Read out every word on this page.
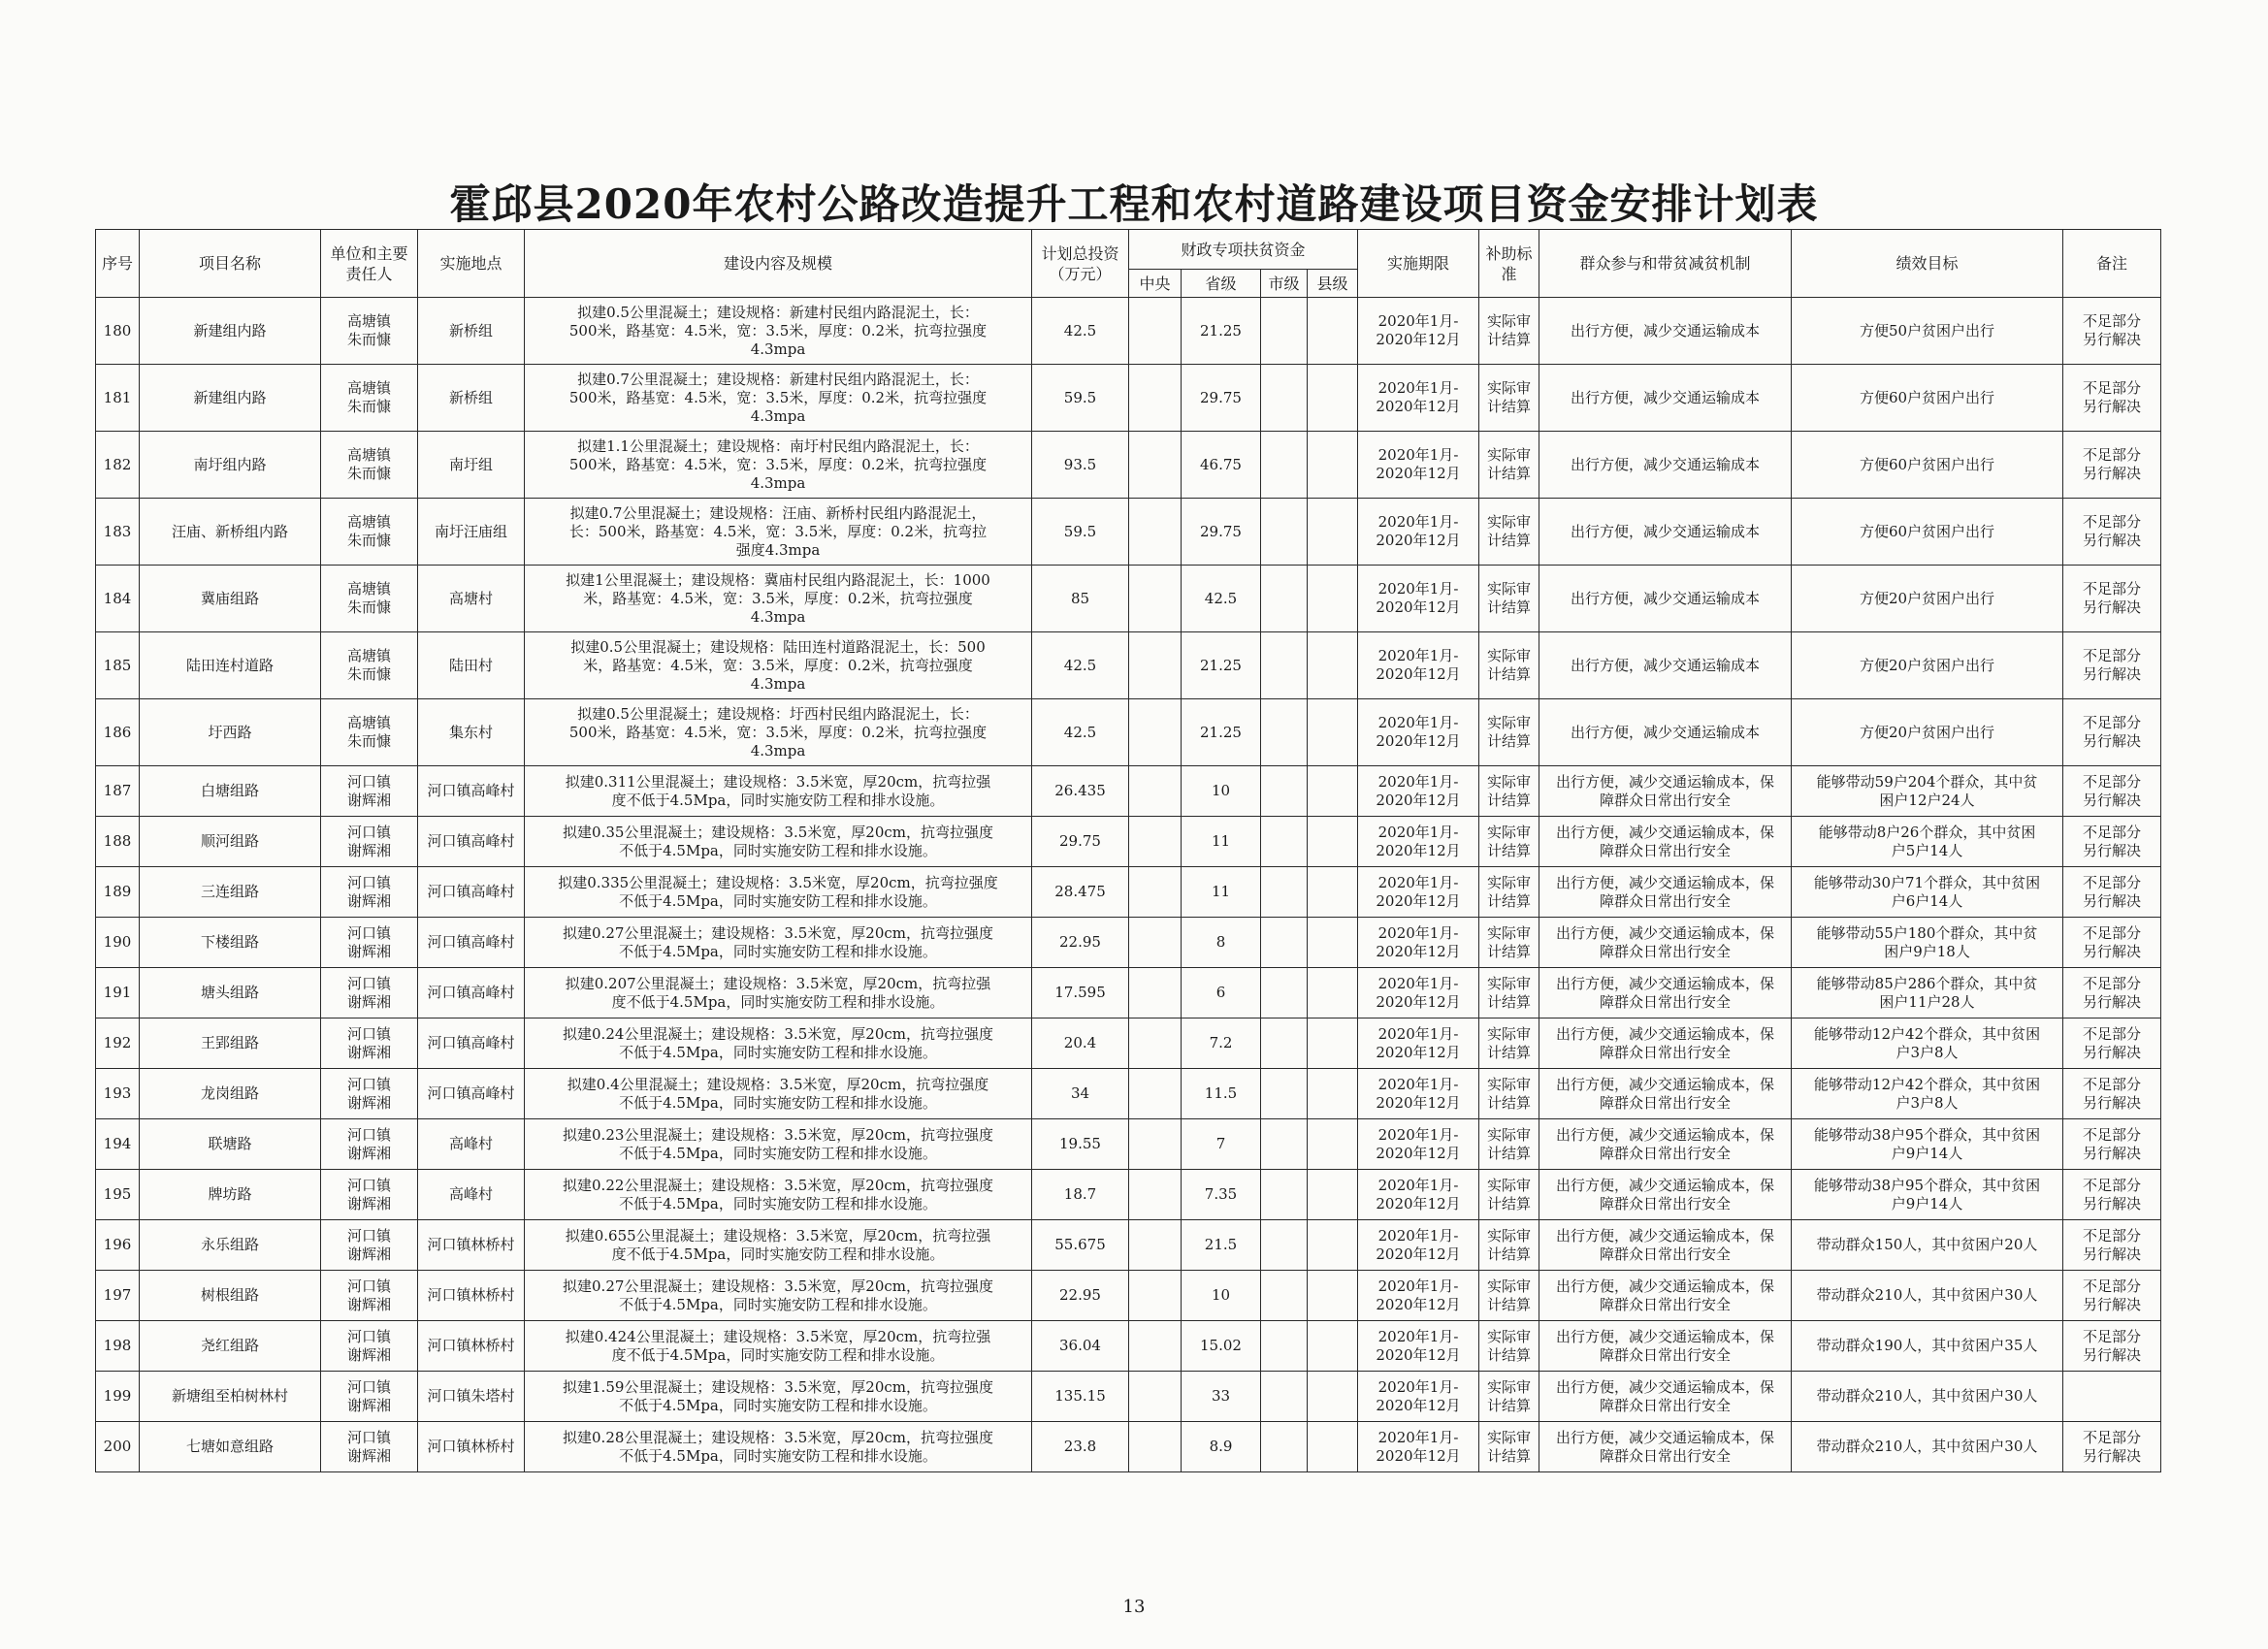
霍邱县2020年农村公路改造提升工程和农村道路建设项目资金安排计划表
序号	项目名称	单位和主要责任人	实施地点	建设内容及规模	计划总投资（万元）	财政专项扶贫资金				实施期限	补助标准	群众参与和带贫减贫机制	绩效目标	备注
						中央	省级	市级	县级					
180	新建组内路	高塘镇
朱而慷	新桥组	拟建0.5公里混凝土；建设规格：新建村民组内路混泥土，长：
500米，路基宽：4.5米，宽：3.5米，厚度：0.2米，抗弯拉强度
4.3mpa	42.5		21.25			2020年1月-
2020年12月	实际审
计结算	出行方便，减少交通运输成本	方便50户贫困户出行	不足部分
另行解决

181	新建组内路	高塘镇
朱而慷	新桥组	拟建0.7公里混凝土；建设规格：新建村民组内路混泥土，长：
500米，路基宽：4.5米，宽：3.5米，厚度：0.2米，抗弯拉强度
4.3mpa	59.5		29.75			2020年1月-
2020年12月	实际审
计结算	出行方便，减少交通运输成本	方便60户贫困户出行	不足部分
另行解决

182	南圩组内路	高塘镇
朱而慷	南圩组	拟建1.1公里混凝土；建设规格：南圩村民组内路混泥土，长：
500米，路基宽：4.5米，宽：3.5米，厚度：0.2米，抗弯拉强度
4.3mpa	93.5		46.75			2020年1月-
2020年12月	实际审
计结算	出行方便，减少交通运输成本	方便60户贫困户出行	不足部分
另行解决

183	汪庙、新桥组内路	高塘镇
朱而慷	南圩汪庙组	拟建0.7公里混凝土；建设规格：汪庙、新桥村民组内路混泥土，
长：500米，路基宽：4.5米，宽：3.5米，厚度：0.2米，抗弯拉
强度4.3mpa	59.5		29.75			2020年1月-
2020年12月	实际审
计结算	出行方便，减少交通运输成本	方便60户贫困户出行	不足部分
另行解决

184	冀庙组路	高塘镇
朱而慷	高塘村	拟建1公里混凝土；建设规格：冀庙村民组内路混泥土，长：1000
米，路基宽：4.5米，宽：3.5米，厚度：0.2米，抗弯拉强度
4.3mpa	85		42.5			2020年1月-
2020年12月	实际审
计结算	出行方便，减少交通运输成本	方便20户贫困户出行	不足部分
另行解决

185	陆田连村道路	高塘镇
朱而慷	陆田村	拟建0.5公里混凝土；建设规格：陆田连村道路混泥土，长：500
米，路基宽：4.5米，宽：3.5米，厚度：0.2米，抗弯拉强度
4.3mpa	42.5		21.25			2020年1月-
2020年12月	实际审
计结算	出行方便，减少交通运输成本	方便20户贫困户出行	不足部分
另行解决

186	圩西路	高塘镇
朱而慷	集东村	拟建0.5公里混凝土；建设规格：圩西村民组内路混泥土，长：
500米，路基宽：4.5米，宽：3.5米，厚度：0.2米，抗弯拉强度
4.3mpa	42.5		21.25			2020年1月-
2020年12月	实际审
计结算	出行方便，减少交通运输成本	方便20户贫困户出行	不足部分
另行解决

187	白塘组路	河口镇
谢辉湘	河口镇高峰村	拟建0.311公里混凝土；建设规格：3.5米宽，厚20cm，抗弯拉强
度不低于4.5Mpa，同时实施安防工程和排水设施。	26.435		10			2020年1月-
2020年12月	实际审
计结算	出行方便，减少交通运输成本，保
障群众日常出行安全	能够带动59户204个群众，其中贫
困户12户24人	不足部分
另行解决

188	顺河组路	河口镇
谢辉湘	河口镇高峰村	拟建0.35公里混凝土；建设规格：3.5米宽，厚20cm，抗弯拉强度
不低于4.5Mpa，同时实施安防工程和排水设施。	29.75		11			2020年1月-
2020年12月	实际审
计结算	出行方便，减少交通运输成本，保
障群众日常出行安全	能够带动8户26个群众，其中贫困
户5户14人	不足部分
另行解决

189	三连组路	河口镇
谢辉湘	河口镇高峰村	拟建0.335公里混凝土；建设规格：3.5米宽，厚20cm，抗弯拉强度
不低于4.5Mpa，同时实施安防工程和排水设施。	28.475		11			2020年1月-
2020年12月	实际审
计结算	出行方便，减少交通运输成本，保
障群众日常出行安全	能够带动30户71个群众，其中贫困
户6户14人	不足部分
另行解决

190	下楼组路	河口镇
谢辉湘	河口镇高峰村	拟建0.27公里混凝土；建设规格：3.5米宽，厚20cm，抗弯拉强度
不低于4.5Mpa，同时实施安防工程和排水设施。	22.95		8			2020年1月-
2020年12月	实际审
计结算	出行方便，减少交通运输成本，保
障群众日常出行安全	能够带动55户180个群众，其中贫
困户9户18人	不足部分
另行解决

191	塘头组路	河口镇
谢辉湘	河口镇高峰村	拟建0.207公里混凝土；建设规格：3.5米宽，厚20cm，抗弯拉强
度不低于4.5Mpa，同时实施安防工程和排水设施。	17.595		6			2020年1月-
2020年12月	实际审
计结算	出行方便，减少交通运输成本，保
障群众日常出行安全	能够带动85户286个群众，其中贫
困户11户28人	不足部分
另行解决

192	王郢组路	河口镇
谢辉湘	河口镇高峰村	拟建0.24公里混凝土；建设规格：3.5米宽，厚20cm，抗弯拉强度
不低于4.5Mpa，同时实施安防工程和排水设施。	20.4		7.2			2020年1月-
2020年12月	实际审
计结算	出行方便，减少交通运输成本，保
障群众日常出行安全	能够带动12户42个群众，其中贫困
户3户8人	不足部分
另行解决

193	龙岗组路	河口镇
谢辉湘	河口镇高峰村	拟建0.4公里混凝土；建设规格：3.5米宽，厚20cm，抗弯拉强度
不低于4.5Mpa，同时实施安防工程和排水设施。	34		11.5			2020年1月-
2020年12月	实际审
计结算	出行方便，减少交通运输成本，保
障群众日常出行安全	能够带动12户42个群众，其中贫困
户3户8人	不足部分
另行解决

194	联塘路	河口镇
谢辉湘	高峰村	拟建0.23公里混凝土；建设规格：3.5米宽，厚20cm，抗弯拉强度
不低于4.5Mpa，同时实施安防工程和排水设施。	19.55		7			2020年1月-
2020年12月	实际审
计结算	出行方便，减少交通运输成本，保
障群众日常出行安全	能够带动38户95个群众，其中贫困
户9户14人	不足部分
另行解决

195	牌坊路	河口镇
谢辉湘	高峰村	拟建0.22公里混凝土；建设规格：3.5米宽，厚20cm，抗弯拉强度
不低于4.5Mpa，同时实施安防工程和排水设施。	18.7		7.35			2020年1月-
2020年12月	实际审
计结算	出行方便，减少交通运输成本，保
障群众日常出行安全	能够带动38户95个群众，其中贫困
户9户14人	不足部分
另行解决

196	永乐组路	河口镇
谢辉湘	河口镇林桥村	拟建0.655公里混凝土；建设规格：3.5米宽，厚20cm，抗弯拉强
度不低于4.5Mpa，同时实施安防工程和排水设施。	55.675		21.5			2020年1月-
2020年12月	实际审
计结算	出行方便，减少交通运输成本，保
障群众日常出行安全	带动群众150人，其中贫困户20人	不足部分
另行解决

197	树根组路	河口镇
谢辉湘	河口镇林桥村	拟建0.27公里混凝土；建设规格：3.5米宽，厚20cm，抗弯拉强度
不低于4.5Mpa，同时实施安防工程和排水设施。	22.95		10			2020年1月-
2020年12月	实际审
计结算	出行方便，减少交通运输成本，保
障群众日常出行安全	带动群众210人，其中贫困户30人	不足部分
另行解决

198	尧红组路	河口镇
谢辉湘	河口镇林桥村	拟建0.424公里混凝土；建设规格：3.5米宽，厚20cm，抗弯拉强
度不低于4.5Mpa，同时实施安防工程和排水设施。	36.04		15.02			2020年1月-
2020年12月	实际审
计结算	出行方便，减少交通运输成本，保
障群众日常出行安全	带动群众190人，其中贫困户35人	不足部分
另行解决

199	新塘组至柏树林村	河口镇
谢辉湘	河口镇朱塔村	拟建1.59公里混凝土；建设规格：3.5米宽，厚20cm，抗弯拉强度
不低于4.5Mpa，同时实施安防工程和排水设施。	135.15		33			2020年1月-
2020年12月	实际审
计结算	出行方便，减少交通运输成本，保
障群众日常出行安全	带动群众210人，其中贫困户30人	

200	七塘如意组路	河口镇
谢辉湘	河口镇林桥村	拟建0.28公里混凝土；建设规格：3.5米宽，厚20cm，抗弯拉强度
不低于4.5Mpa，同时实施安防工程和排水设施。	23.8		8.9			2020年1月-
2020年12月	实际审
计结算	出行方便，减少交通运输成本，保
障群众日常出行安全	带动群众210人，其中贫困户30人	不足部分
另行解决
13
